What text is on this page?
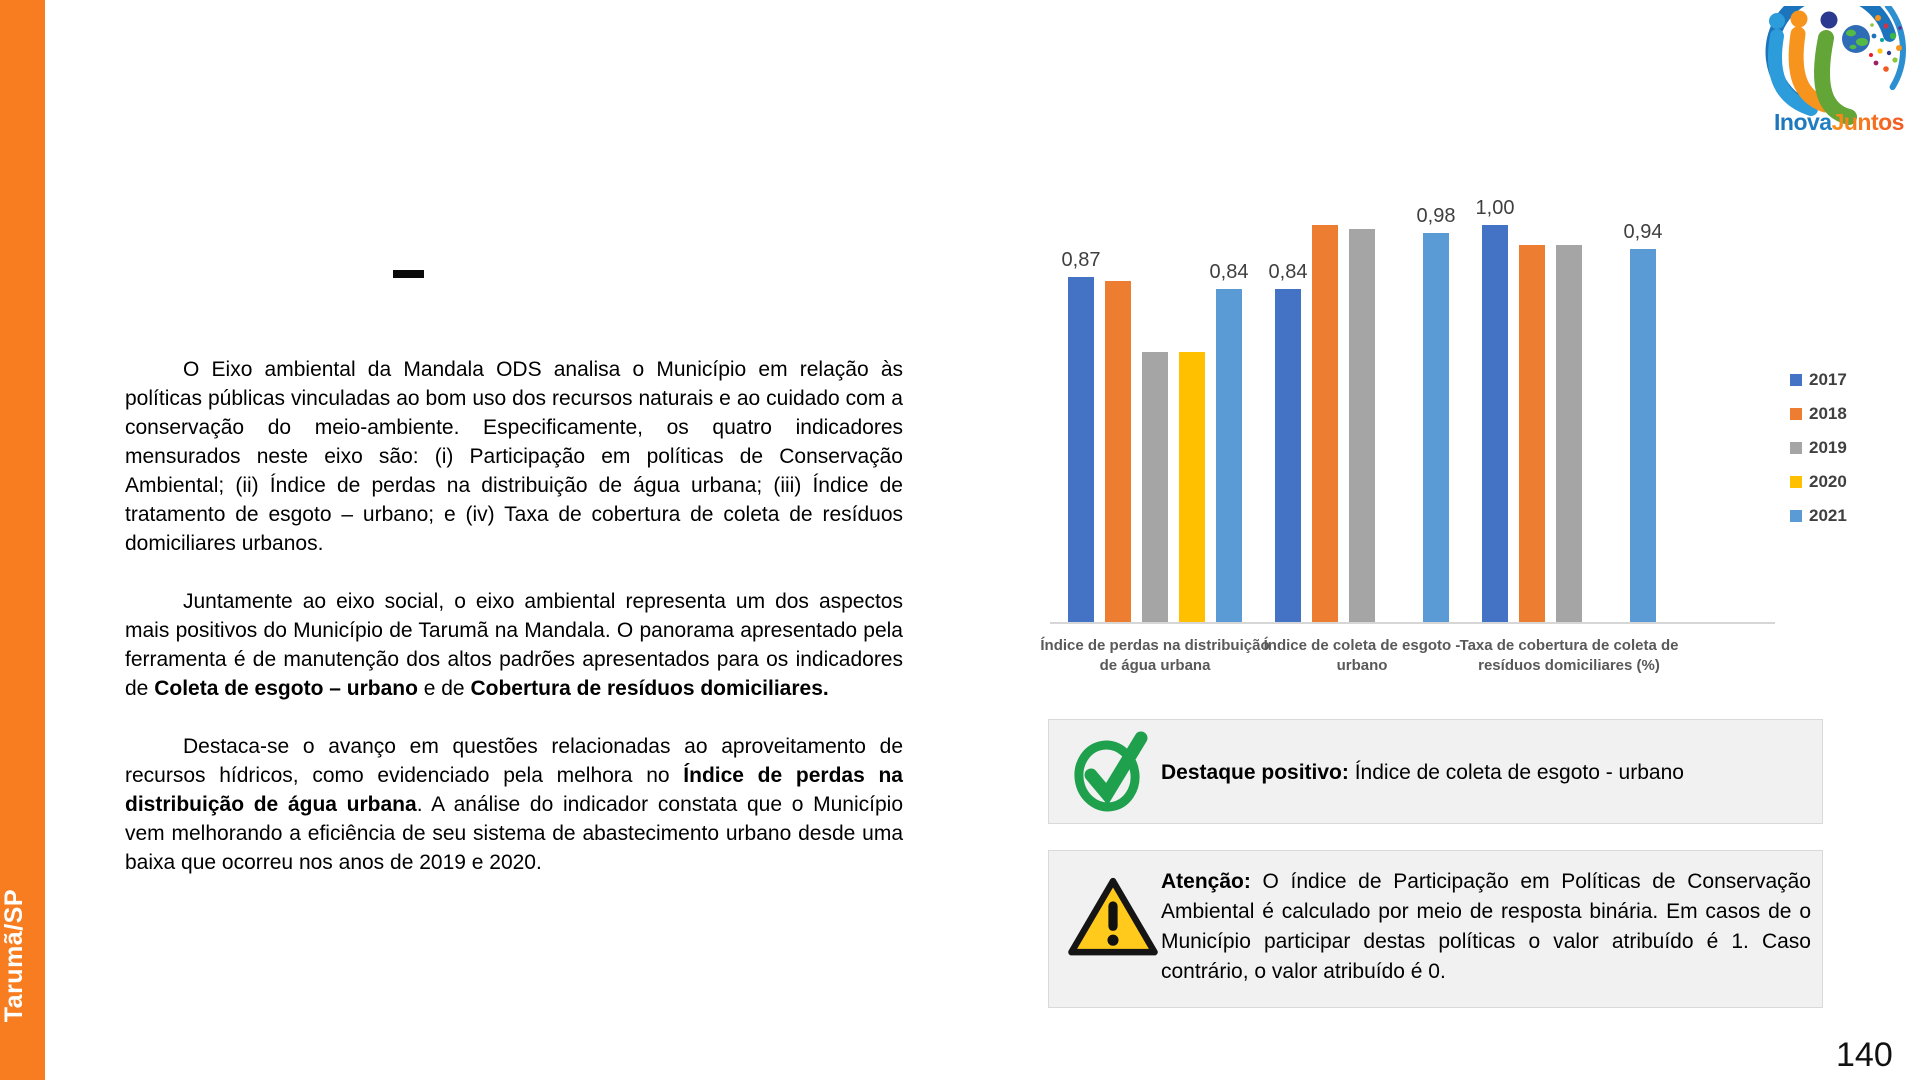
Tarumã/SP
InovaJuntos

O Eixo ambiental da Mandala ODS analisa o Município em relação às políticas públicas vinculadas ao bom uso dos recursos naturais e ao cuidado com a conservação do meio-ambiente. Especificamente, os quatro indicadores mensurados neste eixo são: (i) Participação em políticas de Conservação Ambiental; (ii) Índice de perdas na distribuição de água urbana; (iii) Índice de tratamento de esgoto – urbano; e (iv) Taxa de cobertura de coleta de resíduos domiciliares urbanos.

Juntamente ao eixo social, o eixo ambiental representa um dos aspectos mais positivos do Município de Tarumã na Mandala. O panorama apresentado pela ferramenta é de manutenção dos altos padrões apresentados para os indicadores de Coleta de esgoto – urbano e de Cobertura de resíduos domiciliares.

Destaca-se o avanço em questões relacionadas ao aproveitamento de recursos hídricos, como evidenciado pela melhora no Índice de perdas na distribuição de água urbana. A análise do indicador constata que o Município vem melhorando a eficiência de seu sistema de abastecimento urbano desde uma baixa que ocorreu nos anos de 2019 e 2020.

0,87
0,84 0,84
0,98 1,00
0,94
Índice de perdas na distribuição
de água urbana
Índice de coleta de esgoto -
urbano
Taxa de cobertura de coleta de
resíduos domiciliares (%)
2017
2018
2019
2020
2021
Destaque positivo: Índice de coleta de esgoto - urbano
Atenção: O índice de Participação em Políticas de Conservação Ambiental é calculado por meio de resposta binária. Em casos de o Município participar destas políticas o valor atribuído é 1. Caso contrário, o valor atribuído é 0.
140
